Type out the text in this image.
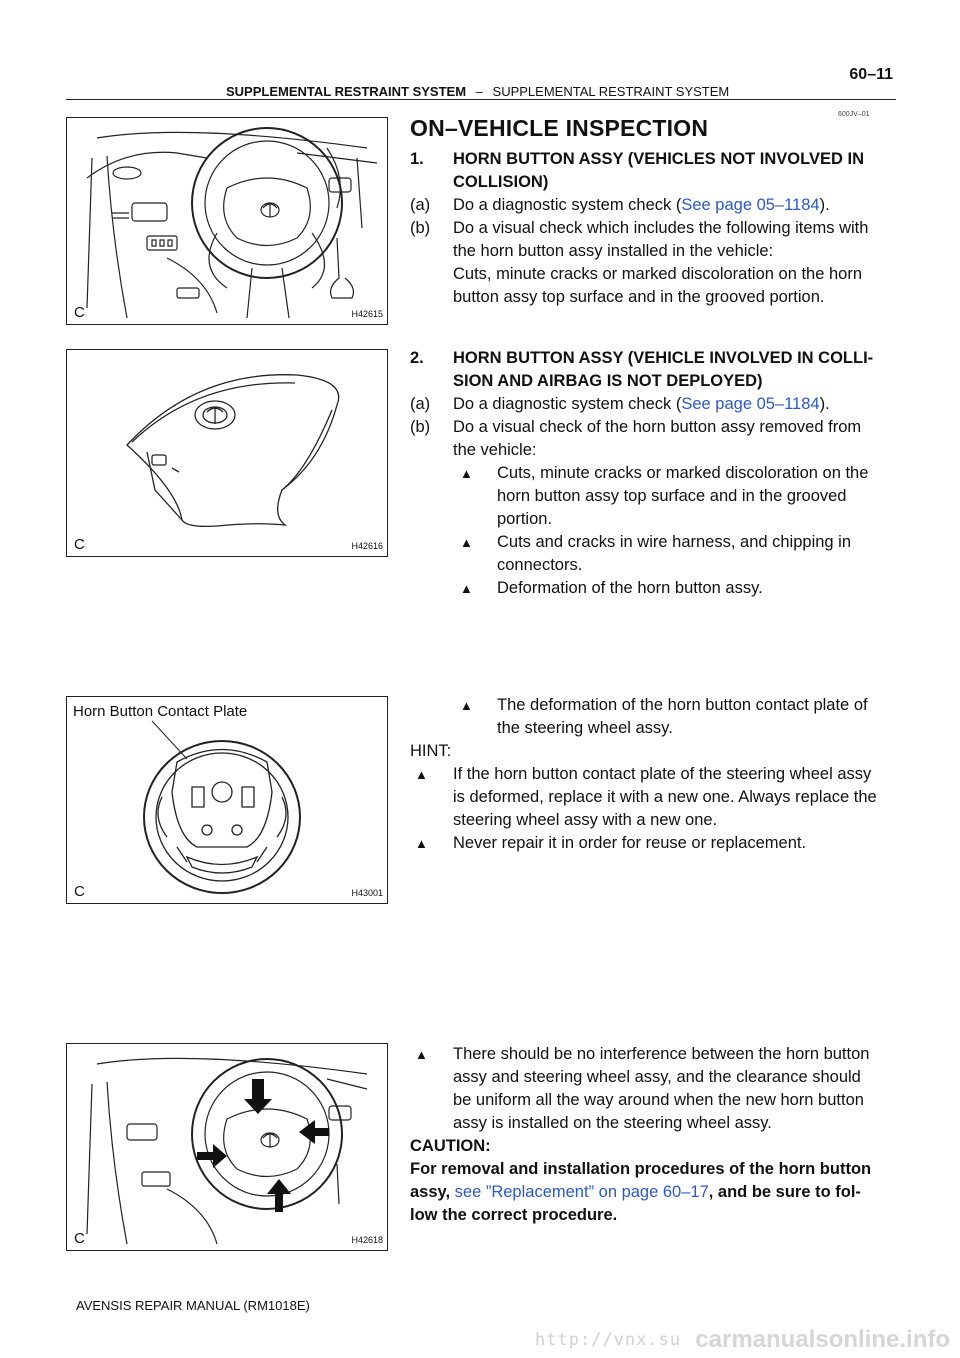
60–11
SUPPLEMENTAL RESTRAINT SYSTEM – SUPPLEMENTAL RESTRAINT SYSTEM
600JV–01
C	H42615
C	H42616
Horn Button Contact Plate
C	H43001
C	H42618
ON–VEHICLE INSPECTION
1. HORN BUTTON ASSY (VEHICLES NOT INVOLVED IN
COLLISION)
(a) Do a diagnostic system check (See page 05–1184).
(b) Do a visual check which includes the following items with
the horn button assy installed in the vehicle:
Cuts, minute cracks or marked discoloration on the horn
button assy top surface and in the grooved portion.
2. HORN BUTTON ASSY (VEHICLE INVOLVED IN COLLI-
SION AND AIRBAG IS NOT DEPLOYED)
(a) Do a diagnostic system check (See page 05–1184).
(b) Do a visual check of the horn button assy removed from
the vehicle:
▲ Cuts, minute cracks or marked discoloration on the
horn button assy top surface and in the grooved
portion.
▲ Cuts and cracks in wire harness, and chipping in
connectors.
▲ Deformation of the horn button assy.
▲ The deformation of the horn button contact plate of
the steering wheel assy.
HINT:
▲ If the horn button contact plate of the steering wheel assy
is deformed, replace it with a new one. Always replace the
steering wheel assy with a new one.
▲ Never repair it in order for reuse or replacement.
▲ There should be no interference between the horn button
assy and steering wheel assy, and the clearance should
be uniform all the way around when the new horn button
assy is installed on the steering wheel assy.
CAUTION:
For removal and installation procedures of the horn button
assy, see ”Replacement” on page 60–17, and be sure to fol-
low the correct procedure.
AVENSIS REPAIR MANUAL (RM1018E)
http://vnx.su carmanualsonline.info
